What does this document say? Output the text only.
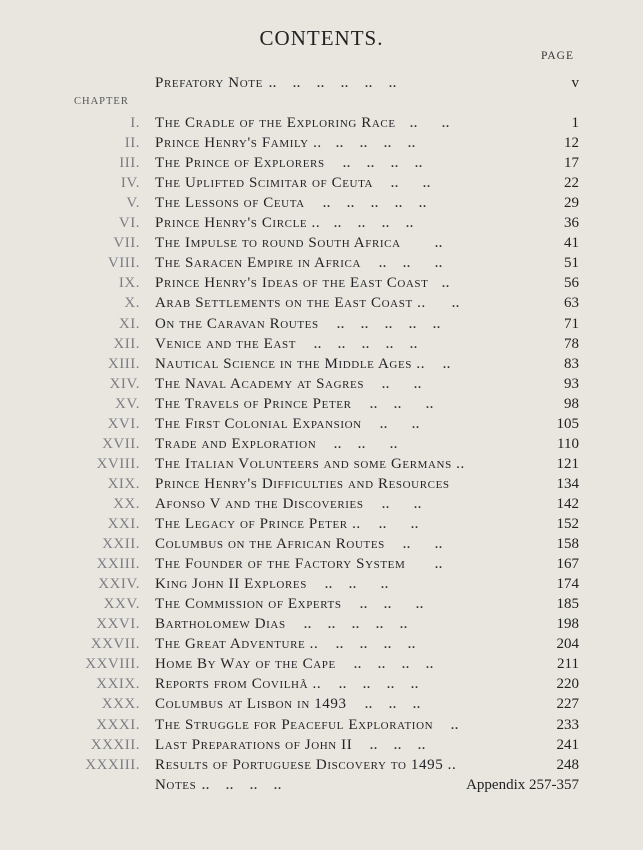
CONTENTS.
PAGE
Prefatory Note ..    ..    ..    ..    ..    ..	v
CHAPTER
I. The Cradle of the Exploring Race ..      ..	1
II. Prince Henry's Family .. ..    ..    ..    ..	12
III. The Prince of Explorers ..    ..    ..    ..	17
IV. The Uplifted Scimitar of Ceuta ..      ..	22
V. The Lessons of Ceuta ..    ..    ..    ..    ..	29
VI. Prince Henry's Circle .. ..    ..    ..    ..	36
VII. The Impulse to round South Africa ..	41
VIII. The Saracen Empire in Africa ..    ..      ..	51
IX. Prince Henry's Ideas of the East Coast ..	56
X. Arab Settlements on the East Coast .. ..	63
XI. On the Caravan Routes ..    ..    ..    ..    ..	71
XII. Venice and the East ..    ..    ..    ..    ..	78
XIII. Nautical Science in the Middle Ages .. ..	83
XIV. The Naval Academy at Sagres ..      ..	93
XV. The Travels of Prince Peter ..    ..      ..	98
XVI. The First Colonial Expansion ..      ..	105
XVII. Trade and Exploration ..    ..      ..	110
XVIII. The Italian Volunteers and some Germans ..	121
XIX. Prince Henry's Difficulties and Resources	134
XX. Afonso V and the Discoveries ..      ..	142
XXI. The Legacy of Prince Peter .. ..      ..	152
XXII. Columbus on the African Routes ..      ..	158
XXIII. The Founder of the Factory System ..	167
XXIV. King John II Explores ..    ..      ..	174
XXV. The Commission of Experts ..    ..      ..	185
XXVI. Bartholomew Dias ..    ..    ..    ..    ..	198
XXVII. The Great Adventure .. ..    ..    ..    ..	204
XXVIII. Home By Way of the Cape ..    ..    ..    ..	211
XXIX. Reports from Covilhã .. ..    ..    ..    ..	220
XXX. Columbus at Lisbon in 1493 ..    ..    ..	227
XXXI. The Struggle for Peaceful Exploration ..	233
XXXII. Last Preparations of John II ..    ..    ..	241
XXXIII. Results of Portuguese Discovery to 1495 ..	248
Notes ..    ..    ..    ..	Appendix 257-357
